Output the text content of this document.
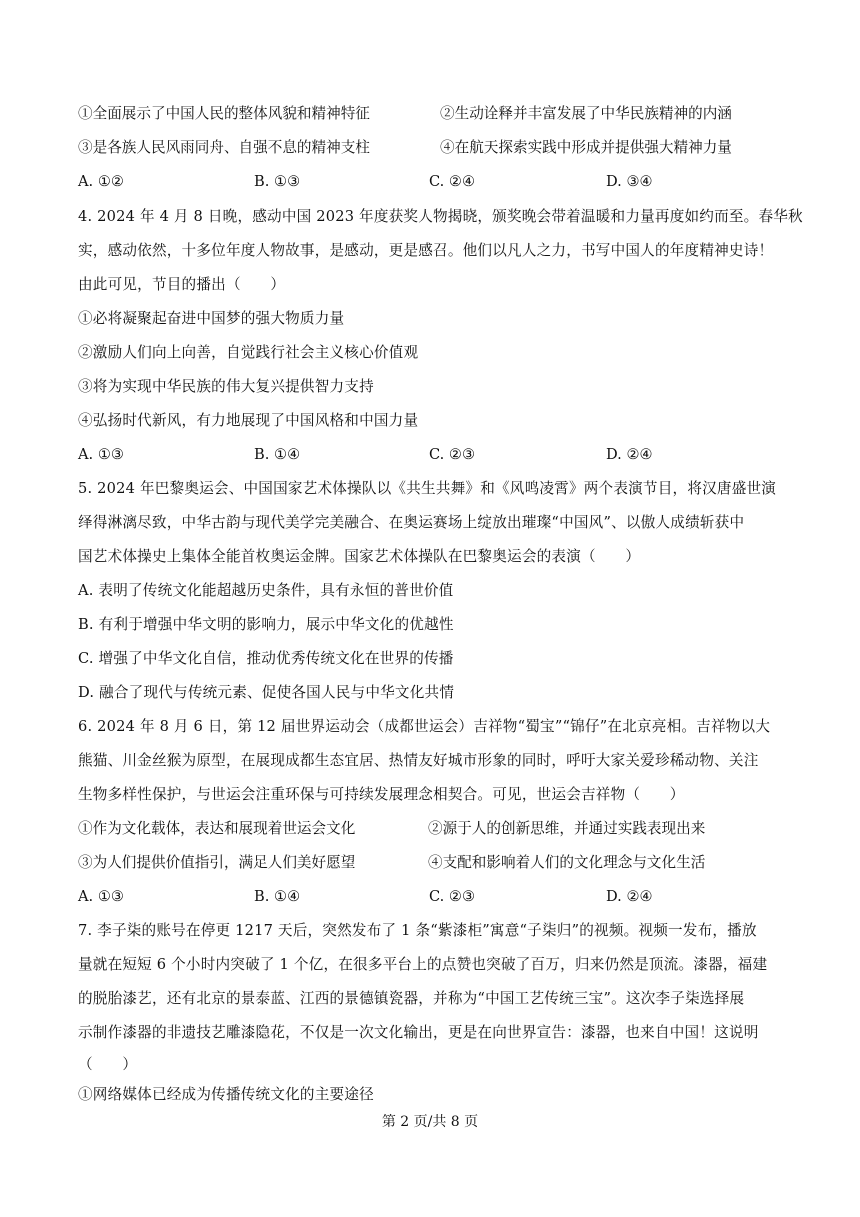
①全面展示了中国人民的整体风貌和精神特征	②生动诠释并丰富发展了中华民族精神的内涵
③是各族人民风雨同舟、自强不息的精神支柱	④在航天探索实践中形成并提供强大精神力量
A. ①②	B. ①③	C. ②④	D. ③④
4. 2024 年 4 月 8 日晚，感动中国 2023 年度获奖人物揭晓，颁奖晚会带着温暖和力量再度如约而至。春华秋
实，感动依然，十多位年度人物故事，是感动，更是感召。他们以凡人之力，书写中国人的年度精神史诗！
由此可见，节目的播出（　　）
①必将凝聚起奋进中国梦的强大物质力量
②激励人们向上向善，自觉践行社会主义核心价值观
③将为实现中华民族的伟大复兴提供智力支持
④弘扬时代新风，有力地展现了中国风格和中国力量
A. ①③	B. ①④	C. ②③	D. ②④
5. 2024 年巴黎奥运会、中国国家艺术体操队以《共生共舞》和《风鸣凌霄》两个表演节目，将汉唐盛世演
绎得淋漓尽致，中华古韵与现代美学完美融合、在奥运赛场上绽放出璀璨“中国风”、以傲人成绩斩获中
国艺术体操史上集体全能首枚奥运金牌。国家艺术体操队在巴黎奥运会的表演（　　）
A. 表明了传统文化能超越历史条件，具有永恒的普世价值
B. 有利于增强中华文明的影响力，展示中华文化的优越性
C. 增强了中华文化自信，推动优秀传统文化在世界的传播
D. 融合了现代与传统元素、促使各国人民与中华文化共情
6. 2024 年 8 月 6 日，第 12 届世界运动会（成都世运会）吉祥物“蜀宝”“锦仔”在北京亮相。吉祥物以大
熊猫、川金丝猴为原型，在展现成都生态宜居、热情友好城市形象的同时，呼吁大家关爱珍稀动物、关注
生物多样性保护，与世运会注重环保与可持续发展理念相契合。可见，世运会吉祥物（　　）
①作为文化载体，表达和展现着世运会文化	②源于人的创新思维，并通过实践表现出来
③为人们提供价值指引，满足人们美好愿望	④支配和影响着人们的文化理念与文化生活
A. ①③	B. ①④	C. ②③	D. ②④
7. 李子柒的账号在停更 1217 天后，突然发布了 1 条“紫漆柜”寓意“子柒归”的视频。视频一发布，播放
量就在短短 6 个小时内突破了 1 个亿，在很多平台上的点赞也突破了百万，归来仍然是顶流。漆器，福建
的脱胎漆艺，还有北京的景泰蓝、江西的景德镇瓷器，并称为“中国工艺传统三宝”。这次李子柒选择展
示制作漆器的非遗技艺雕漆隐花，不仅是一次文化输出，更是在向世界宣告：漆器，也来自中国！这说明
（　　）
①网络媒体已经成为传播传统文化的主要途径
第 2 页/共 8 页
